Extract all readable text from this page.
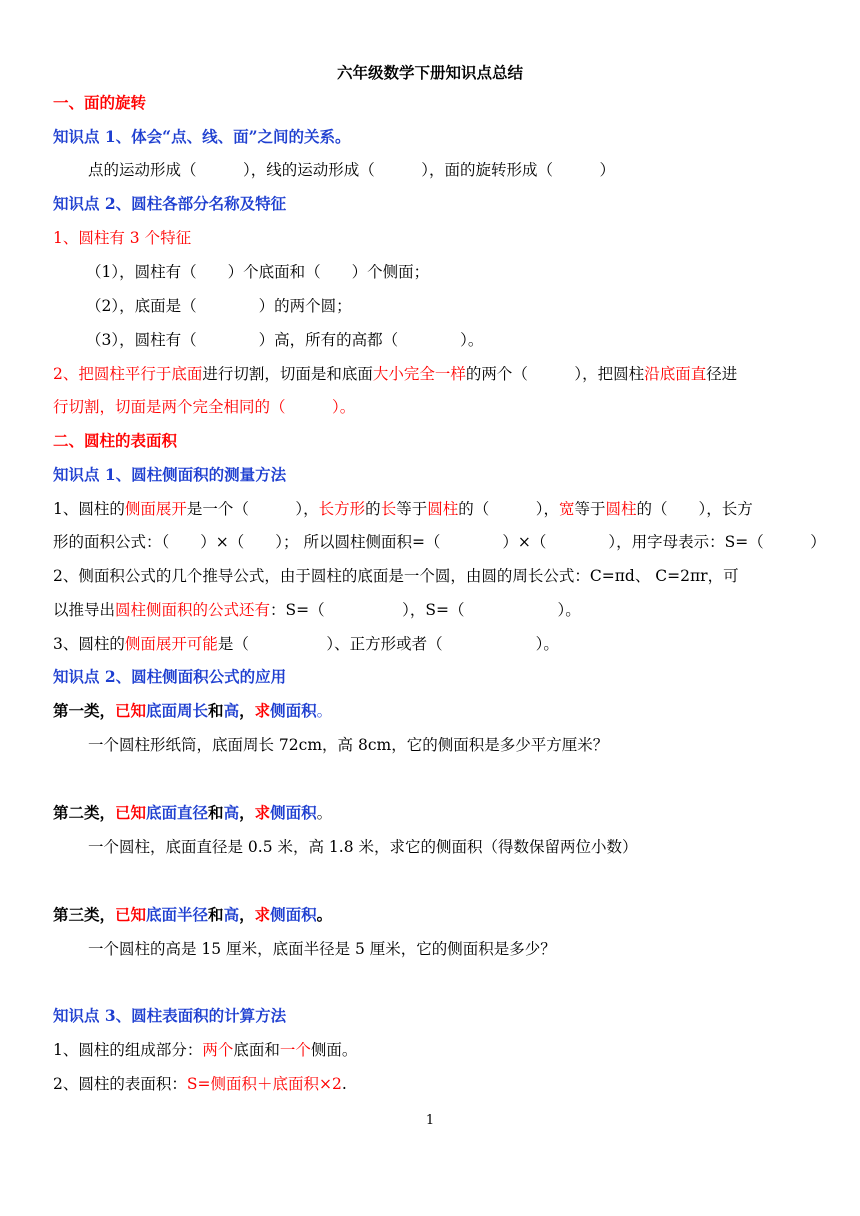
六年级数学下册知识点总结
一、面的旋转
知识点 1、体会“点、线、面”之间的关系。
点的运动形成（　　　），线的运动形成（　　　），面的旋转形成（　　　）
知识点 2、圆柱各部分名称及特征
1、圆柱有 3 个特征
（1），圆柱有（　　）个底面和（　　）个侧面；
（2），底面是（　　　　）的两个圆；
（3），圆柱有（　　　　）高，所有的高都（　　　　）。
2、把圆柱平行于底面进行切割，切面是和底面大小完全一样的两个（　　　），把圆柱沿底面直径进
行切割，切面是两个完全相同的（　　　）。
二、圆柱的表面积
知识点 1、圆柱侧面积的测量方法
1、圆柱的侧面展开是一个（　　　），长方形的长等于圆柱的（　　　），宽等于圆柱的（　　），长方
形的面积公式：（　　）×（　　）； 所以圆柱侧面积=（　　　　）×（　　　　），用字母表示：S=（　　　）
2、侧面积公式的几个推导公式，由于圆柱的底面是一个圆，由圆的周长公式：C=πd、 C=2πr，可
以推导出圆柱侧面积的公式还有：S=（　　　　　），S=（　　　　　　）。
3、圆柱的侧面展开可能是（　　　　　）、正方形或者（　　　　　　）。
知识点 2、圆柱侧面积公式的应用
第一类，已知底面周长和高，求侧面积。
一个圆柱形纸筒，底面周长 72cm，高 8cm，它的侧面积是多少平方厘米？
第二类，已知底面直径和高，求侧面积。
一个圆柱，底面直径是 0.5 米，高 1.8 米，求它的侧面积（得数保留两位小数）
第三类，已知底面半径和高，求侧面积。
一个圆柱的高是 15 厘米，底面半径是 5 厘米，它的侧面积是多少？
知识点 3、圆柱表面积的计算方法
1、圆柱的组成部分：两个底面和一个侧面。
2、圆柱的表面积：S=侧面积＋底面积×2.
1
